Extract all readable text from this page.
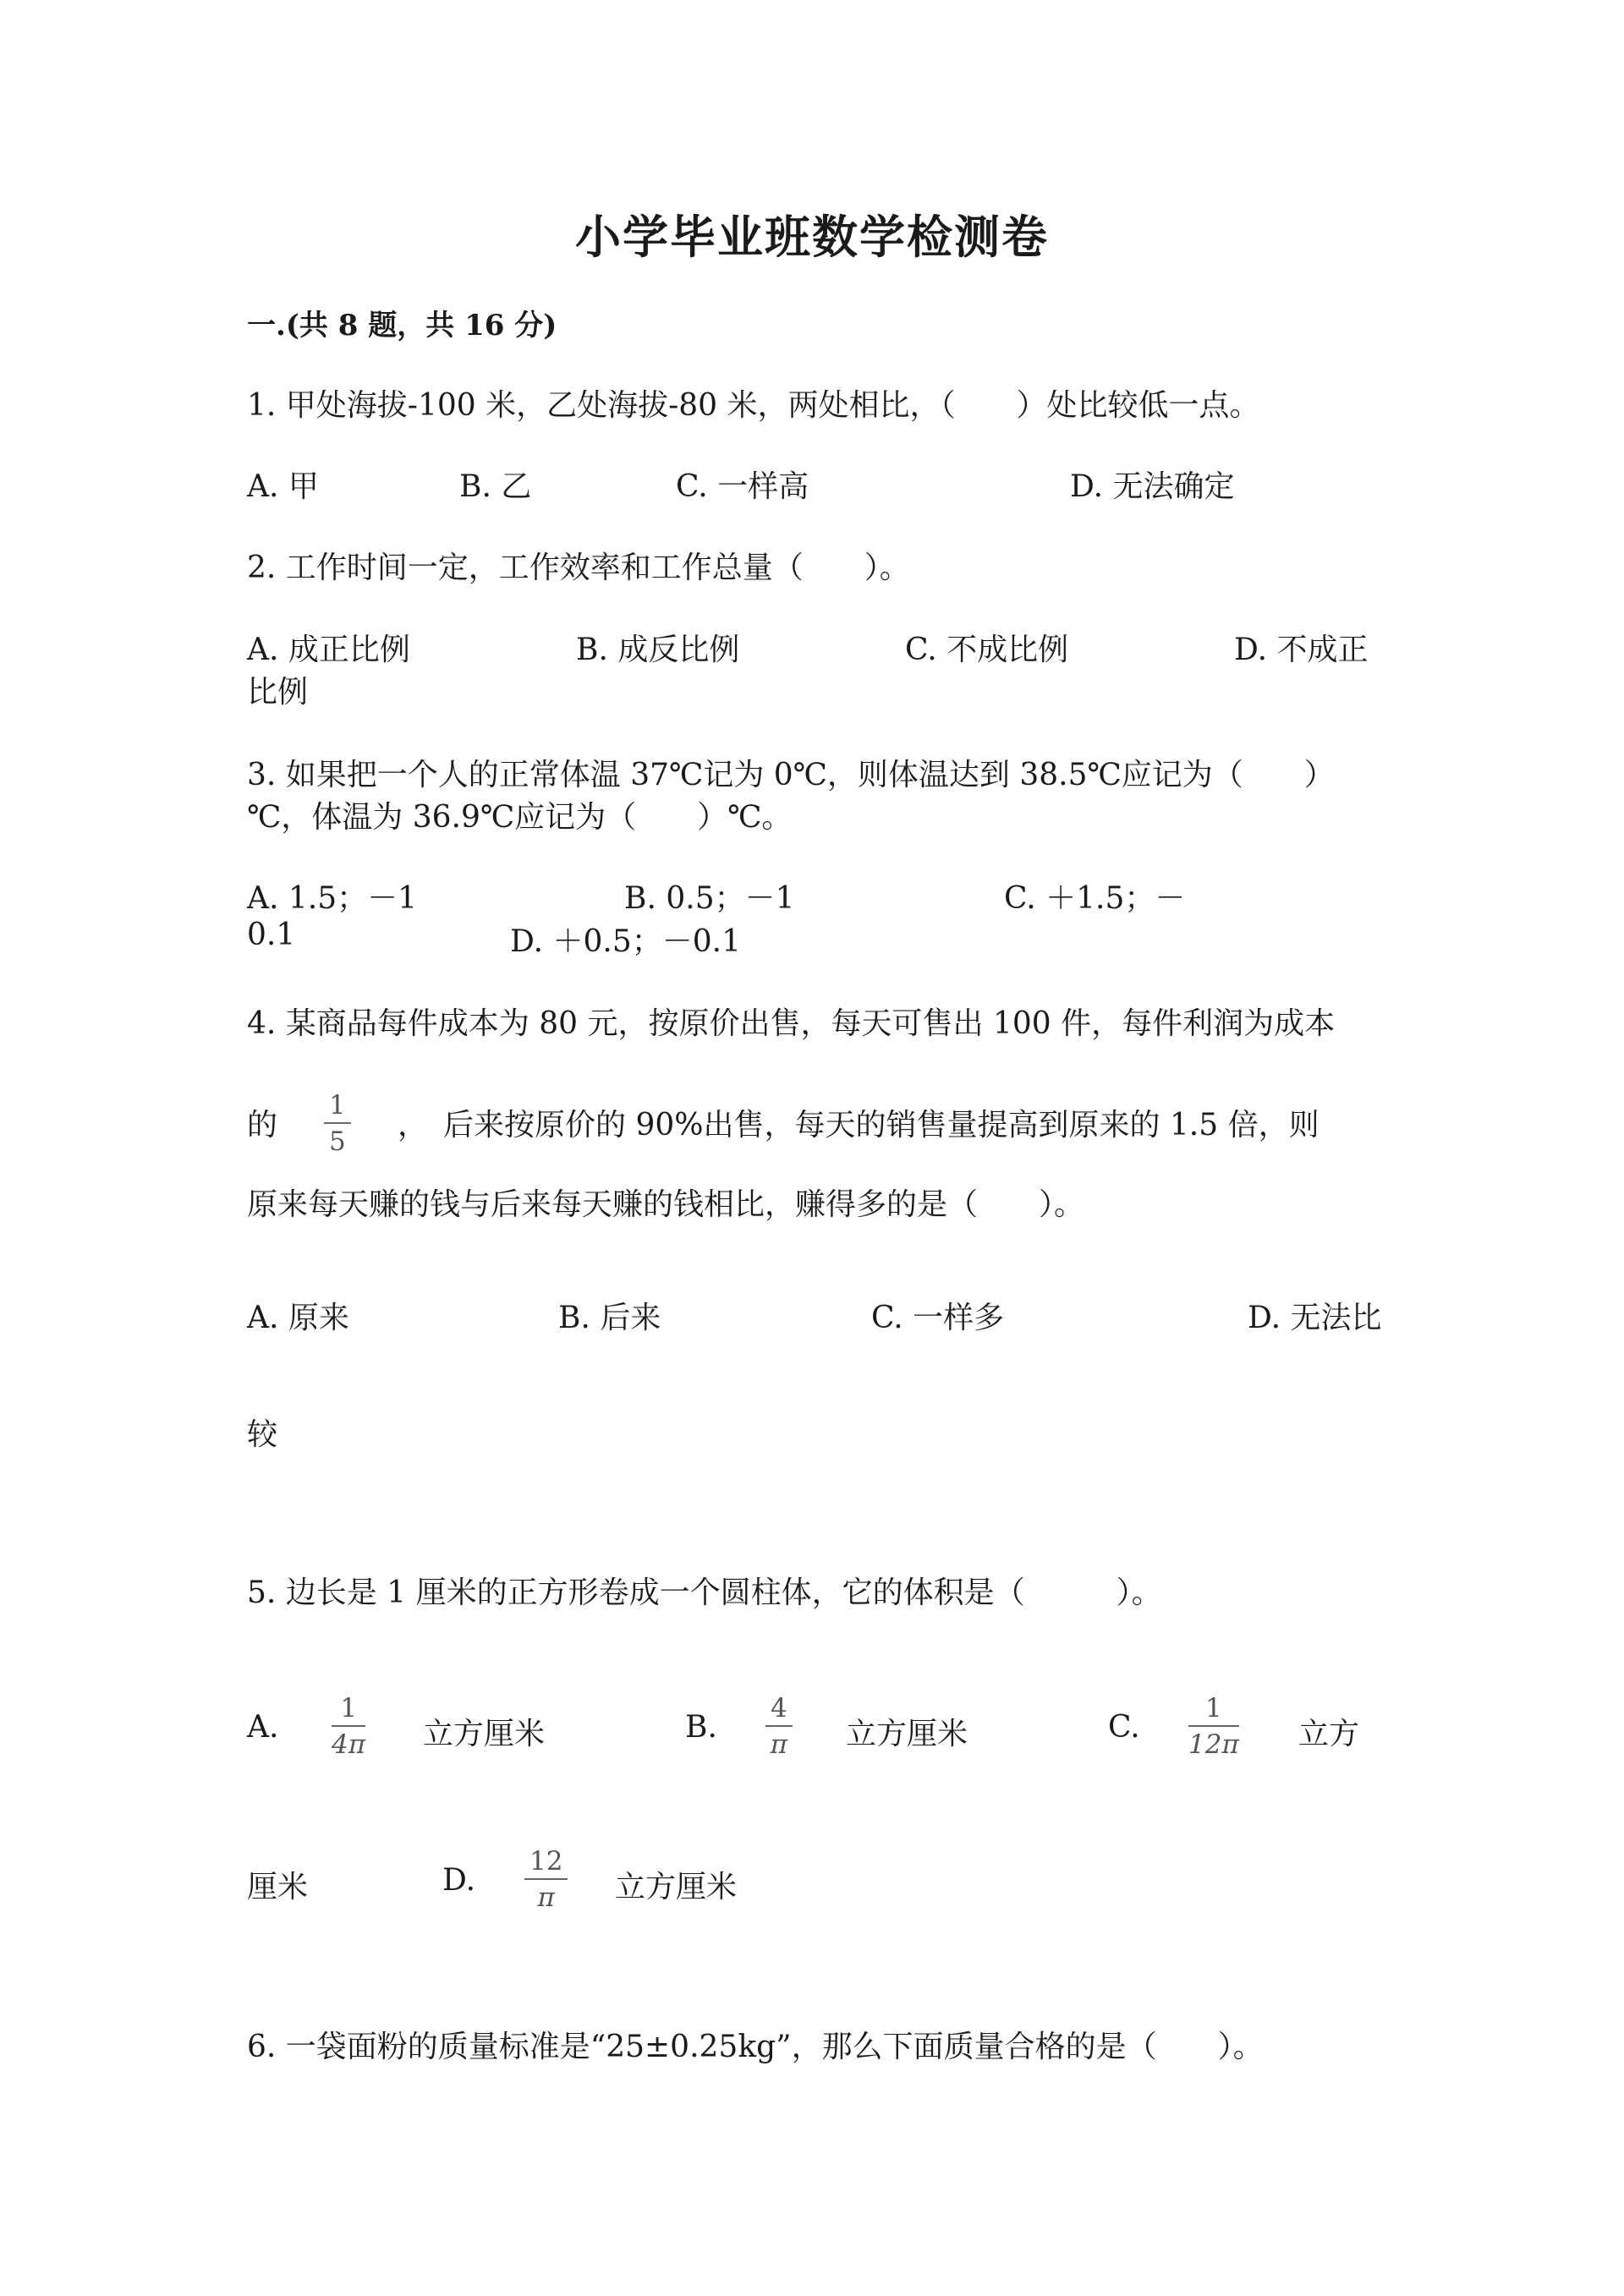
小学毕业班数学检测卷
一.(共 8 题，共 16 分)
1. 甲处海拔-100 米，乙处海拔-80 米，两处相比，（　　）处比较低一点。
A. 甲	B. 乙	C. 一样高	D. 无法确定
2. 工作时间一定，工作效率和工作总量（　　）。
A. 成正比例	B. 成反比例	C. 不成比例	D. 不成正
比例
3. 如果把一个人的正常体温 37℃记为 0℃，则体温达到 38.5℃应记为（　　）
℃，体温为 36.9℃应记为（　　）℃。
A. 1.5；－1	B. 0.5；－1	C. ＋1.5；－
0.1	D. ＋0.5；－0.1
4. 某商品每件成本为 80 元，按原价出售，每天可售出 100 件，每件利润为成本
的
1
5 ，　后来按原价的 90%出售，每天的销售量提高到原来的 1.5 倍，则
原来每天赚的钱与后来每天赚的钱相比，赚得多的是（　　）。
A. 原来	B. 后来	C. 一样多	D. 无法比
较
5. 边长是 1 厘米的正方形卷成一个圆柱体，它的体积是（　　　）。
A.
1
4π 立方厘米	B.
4
π 立方厘米	C.
1
12π 立方
厘米	D.
12
π 立方厘米
6. 一袋面粉的质量标准是“25±0.25kg”，那么下面质量合格的是（　　）。
